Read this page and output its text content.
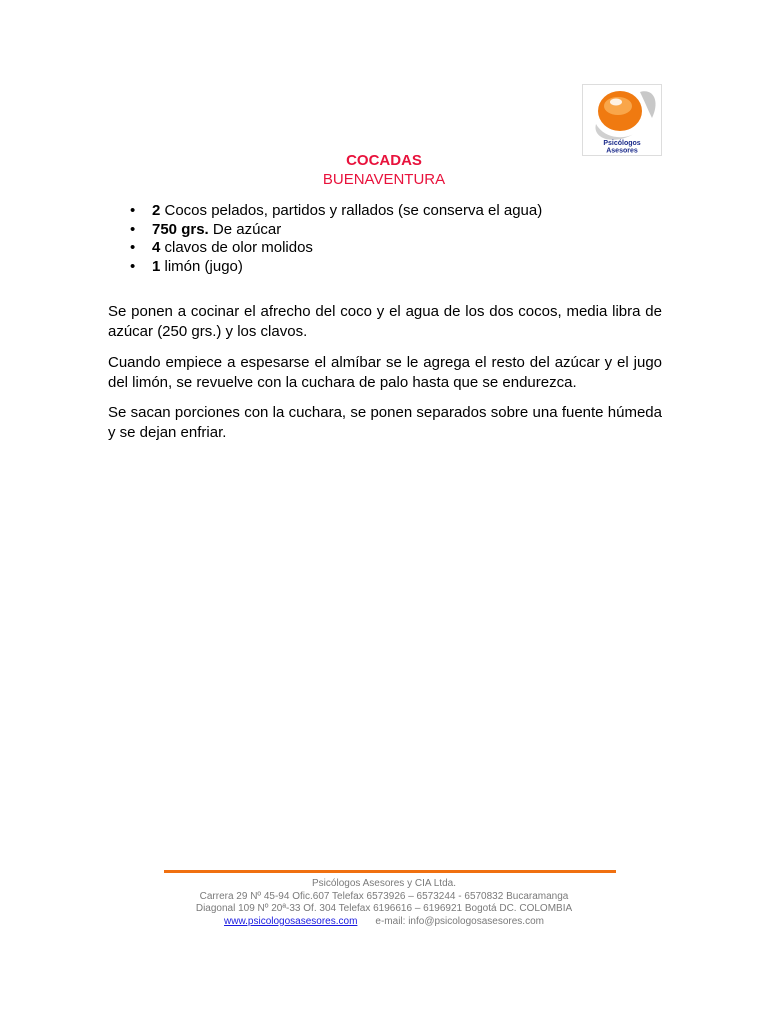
Psicólogos
Asesores
COCADAS
BUENAVENTURA
• 2 Cocos pelados, partidos y rallados (se conserva el agua)
• 750 grs. De azúcar
• 4 clavos de olor molidos
• 1 limón (jugo)

Se ponen a cocinar el afrecho del coco y el agua de los dos cocos, media libra de azúcar (250 grs.) y los clavos.

Cuando empiece a espesarse el almíbar se le agrega el resto del azúcar y el jugo del limón, se revuelve con la cuchara de palo hasta que se endurezca.

Se sacan porciones con la cuchara, se ponen separados sobre una fuente húmeda y se dejan enfriar.

Psicólogos Asesores y CIA Ltda.
Carrera 29 Nº 45-94 Ofic.607 Telefax 6573926 – 6573244 - 6570832 Bucaramanga
Diagonal 109 Nº 20ª-33 Of. 304 Telefax 6196616 – 6196921 Bogotá DC. COLOMBIA
www.psicologosasesores.com e-mail: info@psicologosasesores.com
